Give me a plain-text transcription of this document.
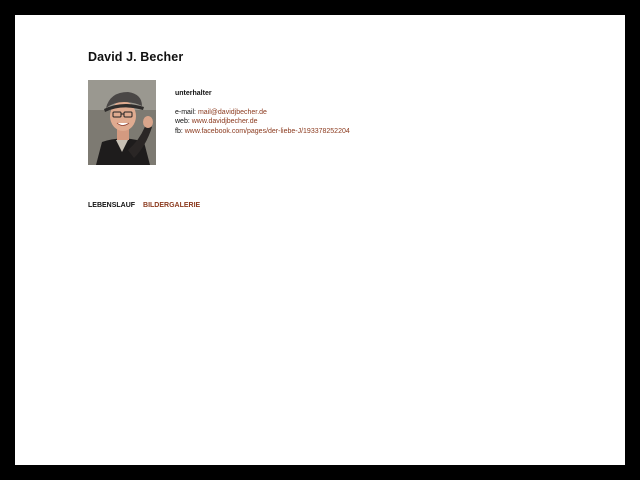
David J. Becher
unterhalter
e-mail: mail@davidjbecher.de
web: www.davidjbecher.de
fb: www.facebook.com/pages/der-liebe-J/193378252204
LEBENSLAUF BILDERGALERIE
